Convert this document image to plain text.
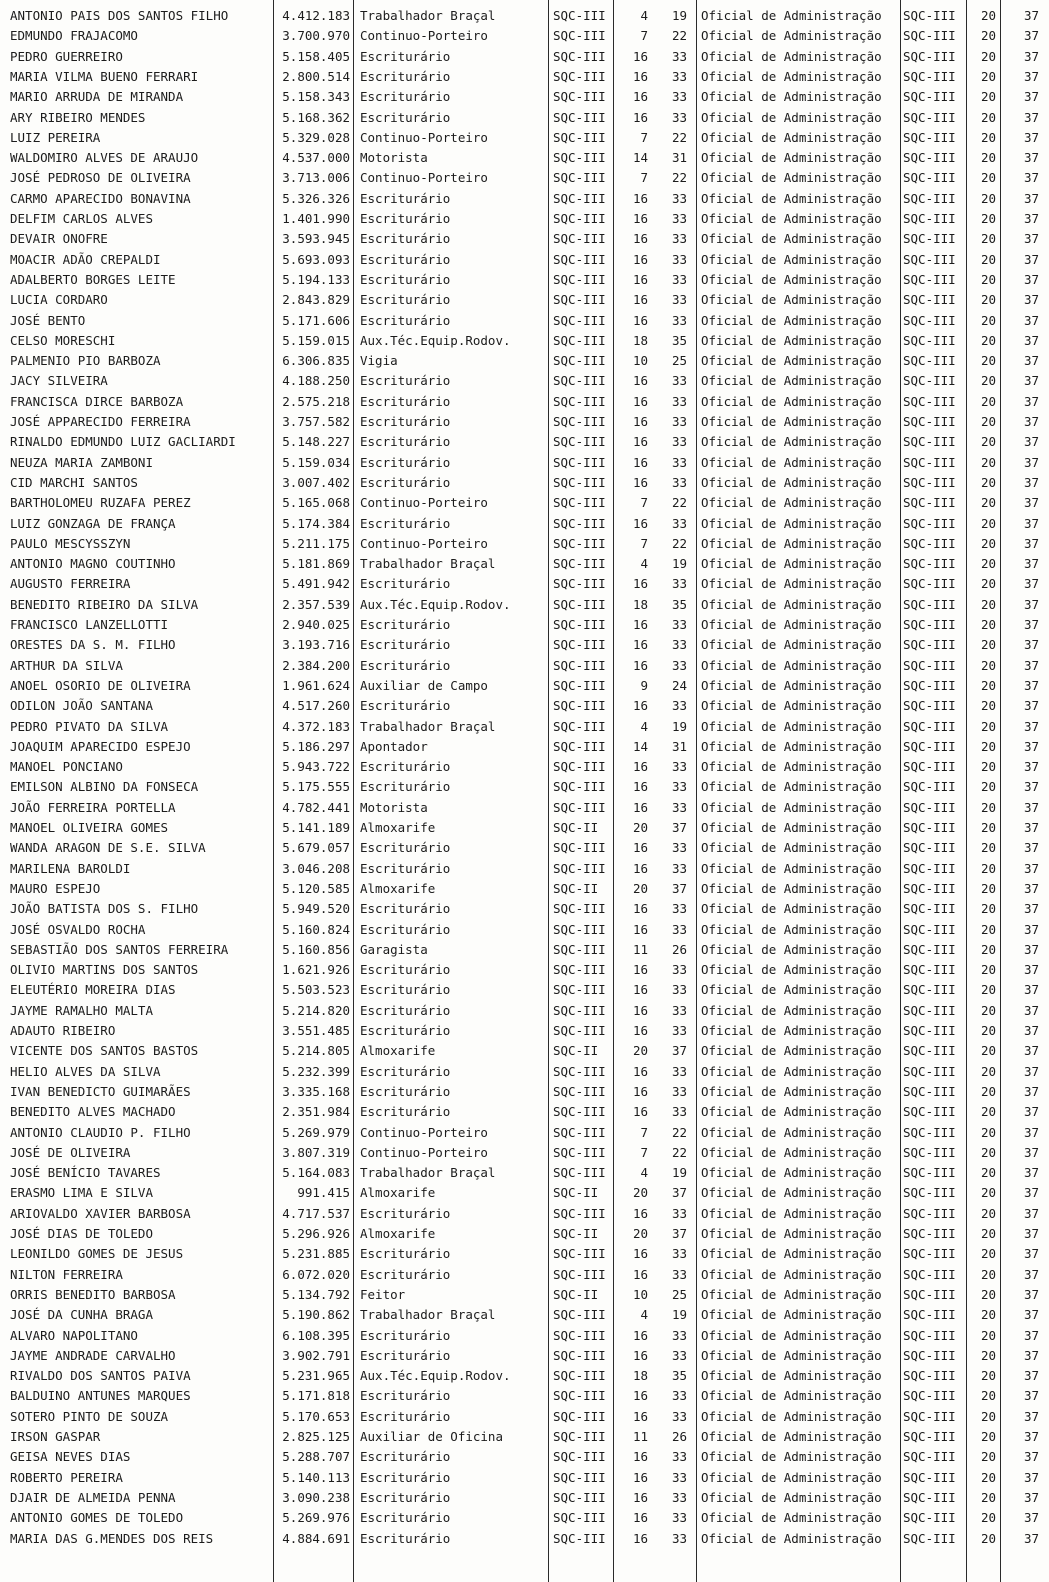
ANTONIO PAIS DOS SANTOS FILHO	4.412.183 Trabalhador Braçal	SQC-III	4	19 Oficial de Administração	SQC-III	20	37
EDMUNDO FRAJACOMO	3.700.970 Continuo-Porteiro	SQC-III	7	22 Oficial de Administração	SQC-III	20	37
PEDRO GUERREIRO	5.158.405 Escriturário	SQC-III	16	33 Oficial de Administração	SQC-III	20	37
MARIA VILMA BUENO FERRARI	2.800.514 Escriturário	SQC-III	16	33 Oficial de Administração	SQC-III	20	37
MARIO ARRUDA DE MIRANDA	5.158.343 Escriturário	SQC-III	16	33 Oficial de Administração	SQC-III	20	37
ARY RIBEIRO MENDES	5.168.362 Escriturário	SQC-III	16	33 Oficial de Administração	SQC-III	20	37
LUIZ PEREIRA	5.329.028 Continuo-Porteiro	SQC-III	7	22 Oficial de Administração	SQC-III	20	37
WALDOMIRO ALVES DE ARAUJO	4.537.000 Motorista	SQC-III	14	31 Oficial de Administração	SQC-III	20	37
JOSÉ PEDROSO DE OLIVEIRA	3.713.006 Continuo-Porteiro	SQC-III	7	22 Oficial de Administração	SQC-III	20	37
CARMO APARECIDO BONAVINA	5.326.326 Escriturário	SQC-III	16	33 Oficial de Administração	SQC-III	20	37
DELFIM CARLOS ALVES	1.401.990 Escriturário	SQC-III	16	33 Oficial de Administração	SQC-III	20	37
DEVAIR ONOFRE	3.593.945 Escriturário	SQC-III	16	33 Oficial de Administração	SQC-III	20	37
MOACIR ADÃO CREPALDI	5.693.093 Escriturário	SQC-III	16	33 Oficial de Administração	SQC-III	20	37
ADALBERTO BORGES LEITE	5.194.133 Escriturário	SQC-III	16	33 Oficial de Administração	SQC-III	20	37
LUCIA CORDARO	2.843.829 Escriturário	SQC-III	16	33 Oficial de Administração	SQC-III	20	37
JOSÉ BENTO	5.171.606 Escriturário	SQC-III	16	33 Oficial de Administração	SQC-III	20	37
CELSO MORESCHI	5.159.015 Aux.Téc.Equip.Rodov.	SQC-III	18	35 Oficial de Administração	SQC-III	20	37
PALMENIO PIO BARBOZA	6.306.835 Vigia	SQC-III	10	25 Oficial de Administração	SQC-III	20	37
JACY SILVEIRA	4.188.250 Escriturário	SQC-III	16	33 Oficial de Administração	SQC-III	20	37
FRANCISCA DIRCE BARBOZA	2.575.218 Escriturário	SQC-III	16	33 Oficial de Administração	SQC-III	20	37
JOSÉ APPARECIDO FERREIRA	3.757.582 Escriturário	SQC-III	16	33 Oficial de Administração	SQC-III	20	37
RINALDO EDMUNDO LUIZ GACLIARDI	5.148.227 Escriturário	SQC-III	16	33 Oficial de Administração	SQC-III	20	37
NEUZA MARIA ZAMBONI	5.159.034 Escriturário	SQC-III	16	33 Oficial de Administração	SQC-III	20	37
CID MARCHI SANTOS	3.007.402 Escriturário	SQC-III	16	33 Oficial de Administração	SQC-III	20	37
BARTHOLOMEU RUZAFA PEREZ	5.165.068 Continuo-Porteiro	SQC-III	7	22 Oficial de Administração	SQC-III	20	37
LUIZ GONZAGA DE FRANÇA	5.174.384 Escriturário	SQC-III	16	33 Oficial de Administração	SQC-III	20	37
PAULO MESCYSSZYN	5.211.175 Continuo-Porteiro	SQC-III	7	22 Oficial de Administração	SQC-III	20	37
ANTONIO MAGNO COUTINHO	5.181.869 Trabalhador Braçal	SQC-III	4	19 Oficial de Administração	SQC-III	20	37
AUGUSTO FERREIRA	5.491.942 Escriturário	SQC-III	16	33 Oficial de Administração	SQC-III	20	37
BENEDITO RIBEIRO DA SILVA	2.357.539 Aux.Téc.Equip.Rodov.	SQC-III	18	35 Oficial de Administração	SQC-III	20	37
FRANCISCO LANZELLOTTI	2.940.025 Escriturário	SQC-III	16	33 Oficial de Administração	SQC-III	20	37
ORESTES DA S. M. FILHO	3.193.716 Escriturário	SQC-III	16	33 Oficial de Administração	SQC-III	20	37
ARTHUR DA SILVA	2.384.200 Escriturário	SQC-III	16	33 Oficial de Administração	SQC-III	20	37
ANOEL OSORIO DE OLIVEIRA	1.961.624 Auxiliar de Campo	SQC-III	9	24 Oficial de Administração	SQC-III	20	37
ODILON JOÃO SANTANA	4.517.260 Escriturário	SQC-III	16	33 Oficial de Administração	SQC-III	20	37
PEDRO PIVATO DA SILVA	4.372.183 Trabalhador Braçal	SQC-III	4	19 Oficial de Administração	SQC-III	20	37
JOAQUIM APARECIDO ESPEJO	5.186.297 Apontador	SQC-III	14	31 Oficial de Administração	SQC-III	20	37
MANOEL PONCIANO	5.943.722 Escriturário	SQC-III	16	33 Oficial de Administração	SQC-III	20	37
EMILSON ALBINO DA FONSECA	5.175.555 Escriturário	SQC-III	16	33 Oficial de Administração	SQC-III	20	37
JOÃO FERREIRA PORTELLA	4.782.441 Motorista	SQC-III	16	33 Oficial de Administração	SQC-III	20	37
MANOEL OLIVEIRA GOMES	5.141.189 Almoxarife	SQC-II	20	37 Oficial de Administração	SQC-III	20	37
WANDA ARAGON DE S.E. SILVA	5.679.057 Escriturário	SQC-III	16	33 Oficial de Administração	SQC-III	20	37
MARILENA BAROLDI	3.046.208 Escriturário	SQC-III	16	33 Oficial de Administração	SQC-III	20	37
MAURO ESPEJO	5.120.585 Almoxarife	SQC-II	20	37 Oficial de Administração	SQC-III	20	37
JOÃO BATISTA DOS S. FILHO	5.949.520 Escriturário	SQC-III	16	33 Oficial de Administração	SQC-III	20	37
JOSÉ OSVALDO ROCHA	5.160.824 Escriturário	SQC-III	16	33 Oficial de Administração	SQC-III	20	37
SEBASTIÃO DOS SANTOS FERREIRA	5.160.856 Garagista	SQC-III	11	26 Oficial de Administração	SQC-III	20	37
OLIVIO MARTINS DOS SANTOS	1.621.926 Escriturário	SQC-III	16	33 Oficial de Administração	SQC-III	20	37
ELEUTÉRIO MOREIRA DIAS	5.503.523 Escriturário	SQC-III	16	33 Oficial de Administração	SQC-III	20	37
JAYME RAMALHO MALTA	5.214.820 Escriturário	SQC-III	16	33 Oficial de Administração	SQC-III	20	37
ADAUTO RIBEIRO	3.551.485 Escriturário	SQC-III	16	33 Oficial de Administração	SQC-III	20	37
VICENTE DOS SANTOS BASTOS	5.214.805 Almoxarife	SQC-II	20	37 Oficial de Administração	SQC-III	20	37
HELIO ALVES DA SILVA	5.232.399 Escriturário	SQC-III	16	33 Oficial de Administração	SQC-III	20	37
IVAN BENEDICTO GUIMARÃES	3.335.168 Escriturário	SQC-III	16	33 Oficial de Administração	SQC-III	20	37
BENEDITO ALVES MACHADO	2.351.984 Escriturário	SQC-III	16	33 Oficial de Administração	SQC-III	20	37
ANTONIO CLAUDIO P. FILHO	5.269.979 Continuo-Porteiro	SQC-III	7	22 Oficial de Administração	SQC-III	20	37
JOSÉ DE OLIVEIRA	3.807.319 Continuo-Porteiro	SQC-III	7	22 Oficial de Administração	SQC-III	20	37
JOSÉ BENÍCIO TAVARES	5.164.083 Trabalhador Braçal	SQC-III	4	19 Oficial de Administração	SQC-III	20	37
ERASMO LIMA E SILVA	991.415 Almoxarife	SQC-II	20	37 Oficial de Administração	SQC-III	20	37
ARIOVALDO XAVIER BARBOSA	4.717.537 Escriturário	SQC-III	16	33 Oficial de Administração	SQC-III	20	37
JOSÉ DIAS DE TOLEDO	5.296.926 Almoxarife	SQC-II	20	37 Oficial de Administração	SQC-III	20	37
LEONILDO GOMES DE JESUS	5.231.885 Escriturário	SQC-III	16	33 Oficial de Administração	SQC-III	20	37
NILTON FERREIRA	6.072.020 Escriturário	SQC-III	16	33 Oficial de Administração	SQC-III	20	37
ORRIS BENEDITO BARBOSA	5.134.792 Feitor	SQC-II	10	25 Oficial de Administração	SQC-III	20	37
JOSÉ DA CUNHA BRAGA	5.190.862 Trabalhador Braçal	SQC-III	4	19 Oficial de Administração	SQC-III	20	37
ALVARO NAPOLITANO	6.108.395 Escriturário	SQC-III	16	33 Oficial de Administração	SQC-III	20	37
JAYME ANDRADE CARVALHO	3.902.791 Escriturário	SQC-III	16	33 Oficial de Administração	SQC-III	20	37
RIVALDO DOS SANTOS PAIVA	5.231.965 Aux.Téc.Equip.Rodov.	SQC-III	18	35 Oficial de Administração	SQC-III	20	37
BALDUINO ANTUNES MARQUES	5.171.818 Escriturário	SQC-III	16	33 Oficial de Administração	SQC-III	20	37
SOTERO PINTO DE SOUZA	5.170.653 Escriturário	SQC-III	16	33 Oficial de Administração	SQC-III	20	37
IRSON GASPAR	2.825.125 Auxiliar de Oficina	SQC-III	11	26 Oficial de Administração	SQC-III	20	37
GEISA NEVES DIAS	5.288.707 Escriturário	SQC-III	16	33 Oficial de Administração	SQC-III	20	37
ROBERTO PEREIRA	5.140.113 Escriturário	SQC-III	16	33 Oficial de Administração	SQC-III	20	37
DJAIR DE ALMEIDA PENNA	3.090.238 Escriturário	SQC-III	16	33 Oficial de Administração	SQC-III	20	37
ANTONIO GOMES DE TOLEDO	5.269.976 Escriturário	SQC-III	16	33 Oficial de Administração	SQC-III	20	37
MARIA DAS G.MENDES DOS REIS	4.884.691 Escriturário	SQC-III	16	33 Oficial de Administração	SQC-III	20	37
